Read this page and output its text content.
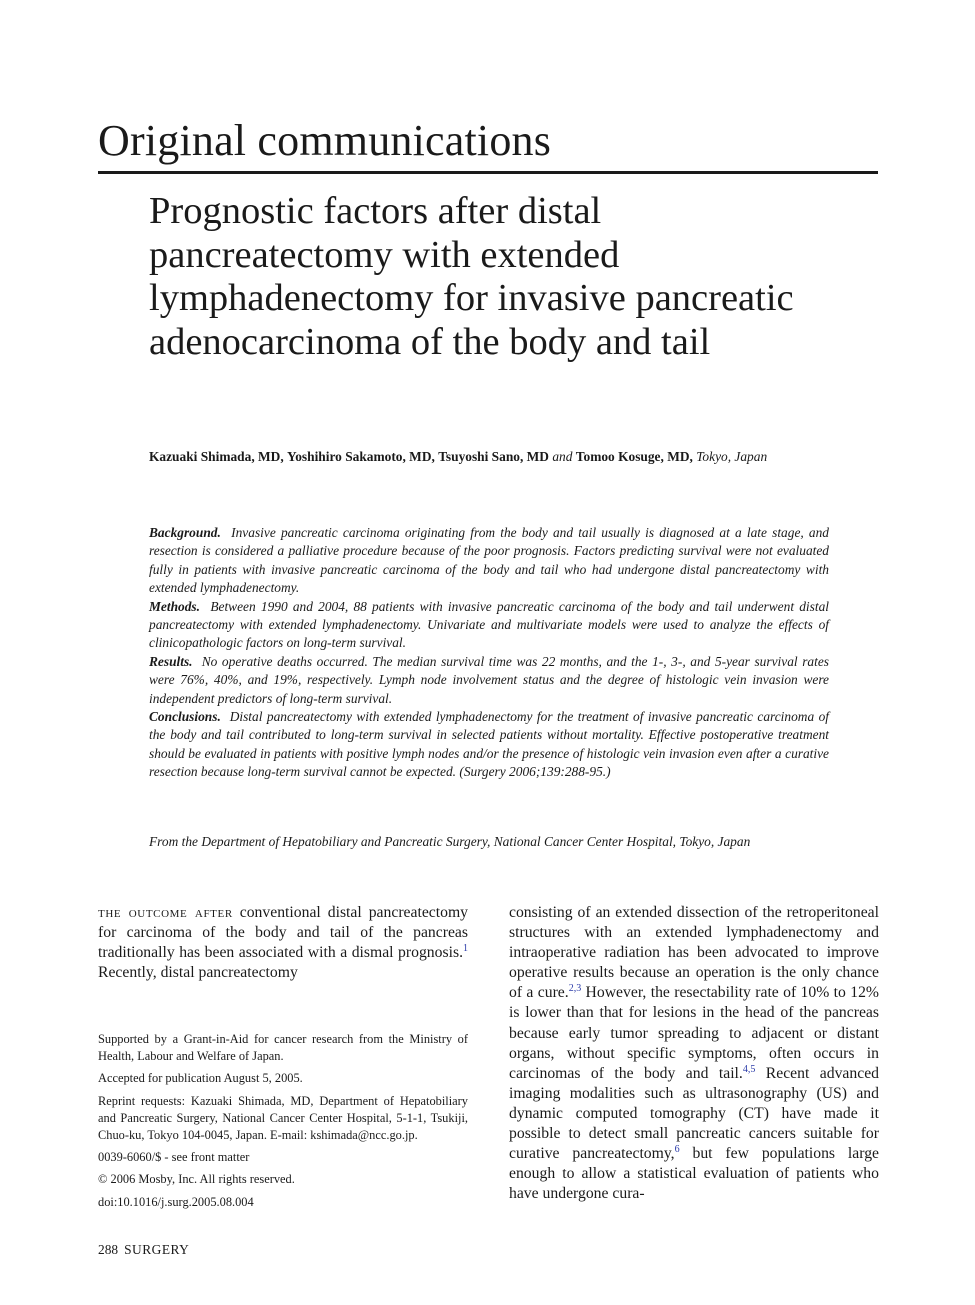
Original communications
Prognostic factors after distal pancreatectomy with extended lymphadenectomy for invasive pancreatic adenocarcinoma of the body and tail
Kazuaki Shimada, MD, Yoshihiro Sakamoto, MD, Tsuyoshi Sano, MD and Tomoo Kosuge, MD, Tokyo, Japan

Background. Invasive pancreatic carcinoma originating from the body and tail usually is diagnosed at a late stage, and resection is considered a palliative procedure because of the poor prognosis. Factors predicting survival were not evaluated fully in patients with invasive pancreatic carcinoma of the body and tail who had undergone distal pancreatectomy with extended lymphadenectomy.

Methods. Between 1990 and 2004, 88 patients with invasive pancreatic carcinoma of the body and tail underwent distal pancreatectomy with extended lymphadenectomy. Univariate and multivariate models were used to analyze the effects of clinicopathologic factors on long-term survival.

Results. No operative deaths occurred. The median survival time was 22 months, and the 1-, 3-, and 5-year survival rates were 76%, 40%, and 19%, respectively. Lymph node involvement status and the degree of histologic vein invasion were independent predictors of long-term survival.

Conclusions. Distal pancreatectomy with extended lymphadenectomy for the treatment of invasive pancreatic carcinoma of the body and tail contributed to long-term survival in selected patients without mortality. Effective postoperative treatment should be evaluated in patients with positive lymph nodes and/or the presence of histologic vein invasion even after a curative resection because long-term survival cannot be expected. (Surgery 2006;139:288-95.)

From the Department of Hepatobiliary and Pancreatic Surgery, National Cancer Center Hospital, Tokyo, Japan
the outcome after conventional distal pancreatectomy for carcinoma of the body and tail of the pancreas traditionally has been associated with a dismal prognosis.$^1$ Recently, distal pancreatectomy
consisting of an extended dissection of the retroperitoneal structures with an extended lymphadenectomy and intraoperative radiation has been advocated to improve operative results because an operation is the only chance of a cure.$^{2,3}$ However, the resectability rate of 10% to 12% is lower than that for lesions in the head of the pancreas because early tumor spreading to adjacent or distant organs, without specific symptoms, often occurs in carcinomas of the body and tail.$^{4,5}$ Recent advanced imaging modalities such as ultrasonography (US) and dynamic computed tomography (CT) have made it possible to detect small pancreatic cancers suitable for curative pancreatectomy,$^6$ but few populations large enough to allow a statistical evaluation of patients who have undergone cura-

Supported by a Grant-in-Aid for cancer research from the Ministry of Health, Labour and Welfare of Japan.

Accepted for publication August 5, 2005.

Reprint requests: Kazuaki Shimada, MD, Department of Hepatobiliary and Pancreatic Surgery, National Cancer Center Hospital, 5-1-1, Tsukiji, Chuo-ku, Tokyo 104-0045, Japan. E-mail: kshimada@ncc.go.jp.

0039-6060/$ - see front matter

© 2006 Mosby, Inc. All rights reserved.

doi:10.1016/j.surg.2005.08.004

288 SURGERY
